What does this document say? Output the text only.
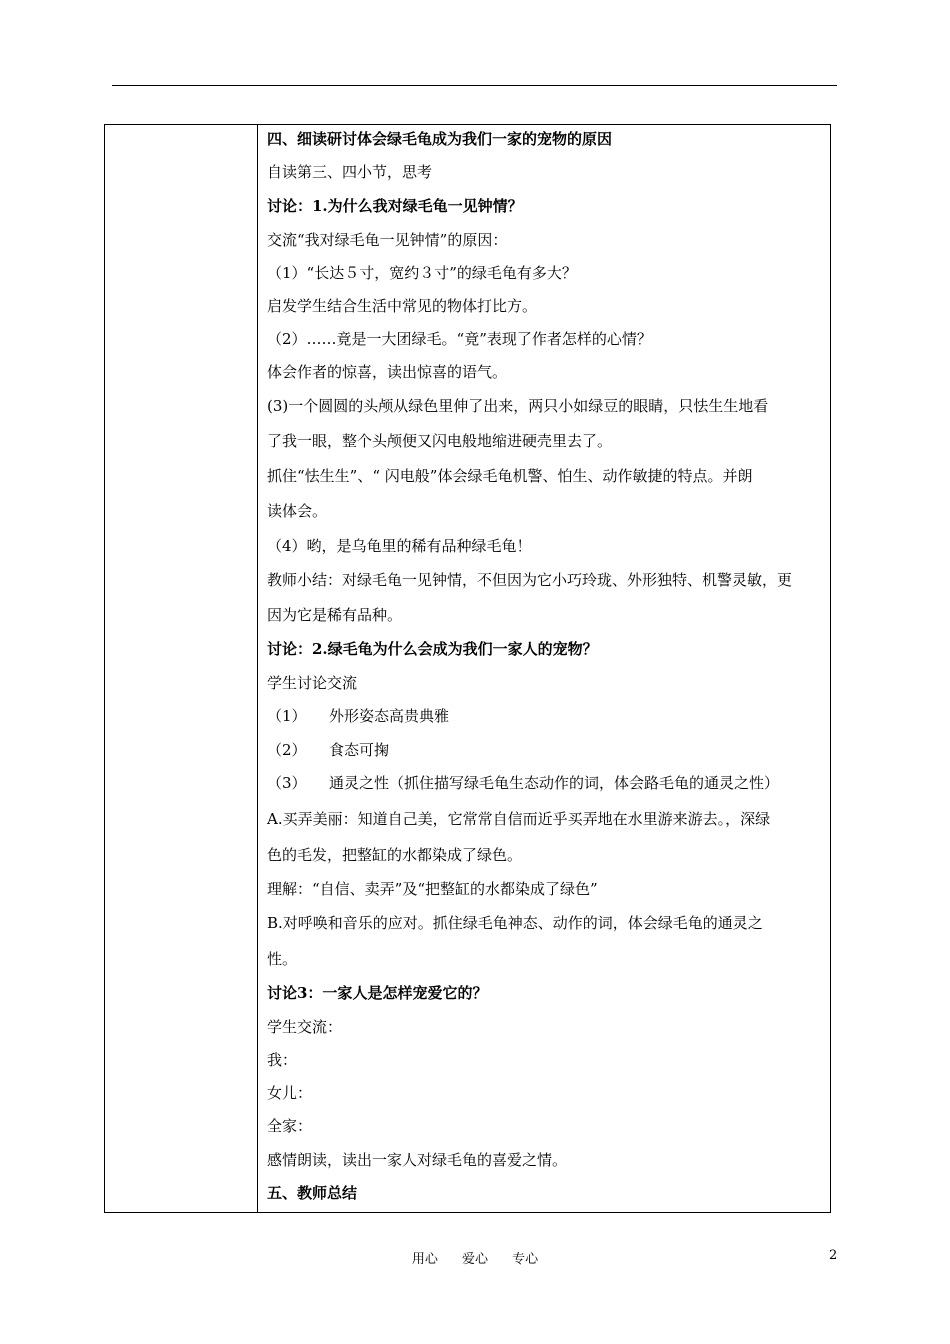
四、细读研讨体会绿毛龟成为我们一家的宠物的原因
自读第三、四小节，思考
讨论：1.为什么我对绿毛龟一见钟情？
交流“我对绿毛龟一见钟情”的原因：
（1）“长达５寸，宽约３寸”的绿毛龟有多大？
启发学生结合生活中常见的物体打比方。
（2）……竟是一大团绿毛。“竟”表现了作者怎样的心情？
体会作者的惊喜，读出惊喜的语气。
(3)一个圆圆的头颅从绿色里伸了出来，两只小如绿豆的眼睛，只怯生生地看
了我一眼，整个头颅便又闪电般地缩进硬壳里去了。
抓住“怯生生”、“ 闪电般”体会绿毛龟机警、怕生、动作敏捷的特点。并朗
读体会。
（4）哟，是乌龟里的稀有品种绿毛龟！
教师小结：对绿毛龟一见钟情，不但因为它小巧玲珑、外形独特、机警灵敏，更
因为它是稀有品种。
讨论：2.绿毛龟为什么会成为我们一家人的宠物？
学生讨论交流
（1） 外形姿态高贵典雅
（2） 食态可掬
（3） 通灵之性（抓住描写绿毛龟生态动作的词，体会路毛龟的通灵之性）
A.买弄美丽：知道自己美，它常常自信而近乎买弄地在水里游来游去。，深绿
色的毛发，把整缸的水都染成了绿色。
理解：“自信、卖弄”及“把整缸的水都染成了绿色”
B.对呼唤和音乐的应对。抓住绿毛龟神态、动作的词，体会绿毛龟的通灵之
性。
讨论3：一家人是怎样宠爱它的？
学生交流：
我：
女儿：
全家：
感情朗读，读出一家人对绿毛龟的喜爱之情。
五、教师总结
用心 爱心 专心	2
